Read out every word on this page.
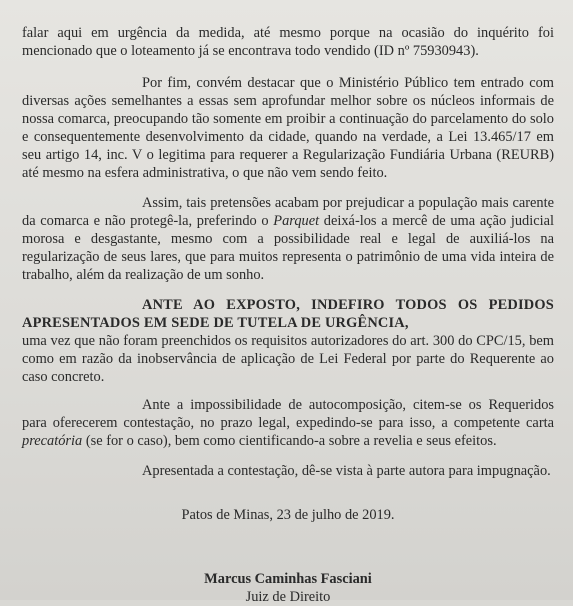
falar aqui em urgência da medida, até mesmo porque na ocasião do inquérito foi mencionado que o loteamento já se encontrava todo vendido (ID nº 75930943).

Por fim, convém destacar que o Ministério Público tem entrado com diversas ações semelhantes a essas sem aprofundar melhor sobre os núcleos informais de nossa comarca, preocupando tão somente em proibir a continuação do parcelamento do solo e consequentemente desenvolvimento da cidade, quando na verdade, a Lei 13.465/17 em seu artigo 14, inc. V o legitima para requerer a Regularização Fundiária Urbana (REURB) até mesmo na esfera administrativa, o que não vem sendo feito.

Assim, tais pretensões acabam por prejudicar a população mais carente da comarca e não protegê-la, preferindo o Parquet deixá-los a mercê de uma ação judicial morosa e desgastante, mesmo com a possibilidade real e legal de auxiliá-los na regularização de seus lares, que para muitos representa o patrimônio de uma vida inteira de trabalho, além da realização de um sonho.

ANTE AO EXPOSTO, INDEFIRO TODOS OS PEDIDOS APRESENTADOS EM SEDE DE TUTELA DE URGÊNCIA,
uma vez que não foram preenchidos os requisitos autorizadores do art. 300 do CPC/15, bem como em razão da inobservância de aplicação de Lei Federal por parte do Requerente ao caso concreto.

Ante a impossibilidade de autocomposição, citem-se os Requeridos para oferecerem contestação, no prazo legal, expedindo-se para isso, a competente carta precatória (se for o caso), bem como cientificando-a sobre a revelia e seus efeitos.

Apresentada a contestação, dê-se vista à parte autora para impugnação.

Patos de Minas, 23 de julho de 2019.
Marcus Caminhas Fasciani
Juiz de Direito
